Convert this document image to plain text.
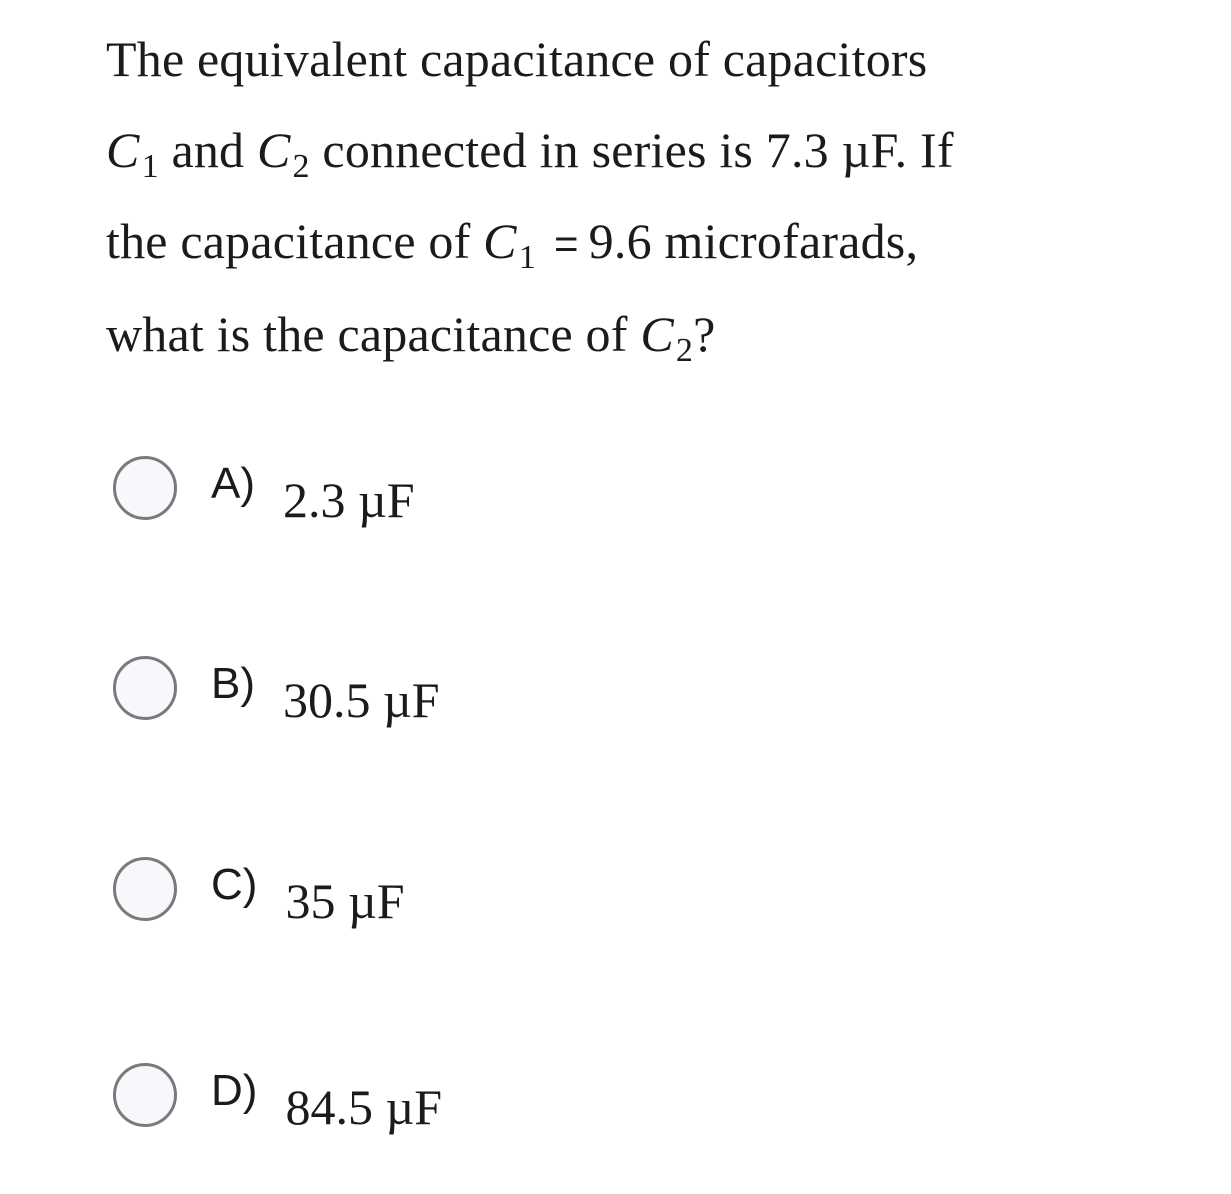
The equivalent capacitance of capacitors
$C_1$ and $C_2$ connected in series is 7.3 µF. If
the capacitance of $C_1 = 9.6$ microfarads,
what is the capacitance of $C_2$?

A) 2.3 µF
B) 30.5 µF
C) 35 µF
D) 84.5 µF
